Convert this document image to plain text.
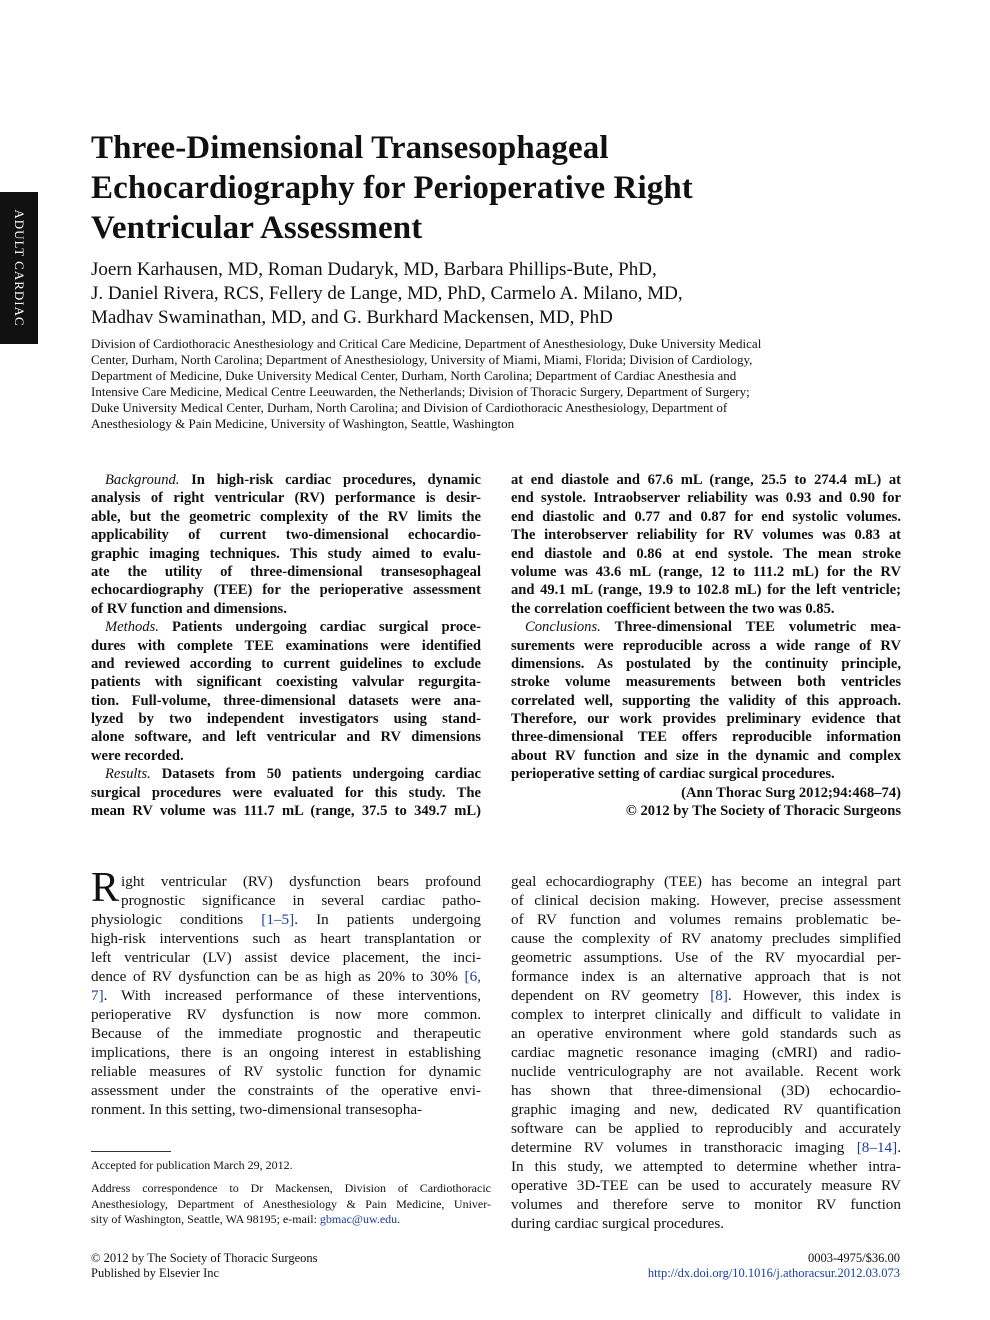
ADULT CARDIAC
Three-Dimensional Transesophageal
Echocardiography for Perioperative Right
Ventricular Assessment
Joern Karhausen, MD, Roman Dudaryk, MD, Barbara Phillips-Bute, PhD,
J. Daniel Rivera, RCS, Fellery de Lange, MD, PhD, Carmelo A. Milano, MD,
Madhav Swaminathan, MD, and G. Burkhard Mackensen, MD, PhD
Division of Cardiothoracic Anesthesiology and Critical Care Medicine, Department of Anesthesiology, Duke University Medical
Center, Durham, North Carolina; Department of Anesthesiology, University of Miami, Miami, Florida; Division of Cardiology,
Department of Medicine, Duke University Medical Center, Durham, North Carolina; Department of Cardiac Anesthesia and
Intensive Care Medicine, Medical Centre Leeuwarden, the Netherlands; Division of Thoracic Surgery, Department of Surgery;
Duke University Medical Center, Durham, North Carolina; and Division of Cardiothoracic Anesthesiology, Department of
Anesthesiology & Pain Medicine, University of Washington, Seattle, Washington
Background. In high-risk cardiac procedures, dynamic
analysis of right ventricular (RV) performance is desir-
able, but the geometric complexity of the RV limits the
applicability of current two-dimensional echocardio-
graphic imaging techniques. This study aimed to evalu-
ate the utility of three-dimensional transesophageal
echocardiography (TEE) for the perioperative assessment
of RV function and dimensions.
Methods. Patients undergoing cardiac surgical proce-
dures with complete TEE examinations were identified
and reviewed according to current guidelines to exclude
patients with significant coexisting valvular regurgita-
tion. Full-volume, three-dimensional datasets were ana-
lyzed by two independent investigators using stand-
alone software, and left ventricular and RV dimensions
were recorded.
Results. Datasets from 50 patients undergoing cardiac
surgical procedures were evaluated for this study. The
mean RV volume was 111.7 mL (range, 37.5 to 349.7 mL)
at end diastole and 67.6 mL (range, 25.5 to 274.4 mL) at
end systole. Intraobserver reliability was 0.93 and 0.90 for
end diastolic and 0.77 and 0.87 for end systolic volumes.
The interobserver reliability for RV volumes was 0.83 at
end diastole and 0.86 at end systole. The mean stroke
volume was 43.6 mL (range, 12 to 111.2 mL) for the RV
and 49.1 mL (range, 19.9 to 102.8 mL) for the left ventricle;
the correlation coefficient between the two was 0.85.
Conclusions. Three-dimensional TEE volumetric mea-
surements were reproducible across a wide range of RV
dimensions. As postulated by the continuity principle,
stroke volume measurements between both ventricles
correlated well, supporting the validity of this approach.
Therefore, our work provides preliminary evidence that
three-dimensional TEE offers reproducible information
about RV function and size in the dynamic and complex
perioperative setting of cardiac surgical procedures.
(Ann Thorac Surg 2012;94:468–74)
© 2012 by The Society of Thoracic Surgeons
R ight ventricular (RV) dysfunction bears profound
prognostic significance in several cardiac patho-
physiologic conditions [1–5]. In patients undergoing
high-risk interventions such as heart transplantation or
left ventricular (LV) assist device placement, the inci-
dence of RV dysfunction can be as high as 20% to 30% [6,
7]. With increased performance of these interventions,
perioperative RV dysfunction is now more common.
Because of the immediate prognostic and therapeutic
implications, there is an ongoing interest in establishing
reliable measures of RV systolic function for dynamic
assessment under the constraints of the operative envi-
ronment. In this setting, two-dimensional transesopha-
geal echocardiography (TEE) has become an integral part
of clinical decision making. However, precise assessment
of RV function and volumes remains problematic be-
cause the complexity of RV anatomy precludes simplified
geometric assumptions. Use of the RV myocardial per-
formance index is an alternative approach that is not
dependent on RV geometry [8]. However, this index is
complex to interpret clinically and difficult to validate in
an operative environment where gold standards such as
cardiac magnetic resonance imaging (cMRI) and radio-
nuclide ventriculography are not available. Recent work
has shown that three-dimensional (3D) echocardio-
graphic imaging and new, dedicated RV quantification
software can be applied to reproducibly and accurately
determine RV volumes in transthoracic imaging [8–14].
In this study, we attempted to determine whether intra-
operative 3D-TEE can be used to accurately measure RV
volumes and therefore serve to monitor RV function
during cardiac surgical procedures.
Accepted for publication March 29, 2012.
Address correspondence to Dr Mackensen, Division of Cardiothoracic
Anesthesiology, Department of Anesthesiology & Pain Medicine, Univer-
sity of Washington, Seattle, WA 98195; e-mail: gbmac@uw.edu.
© 2012 by The Society of Thoracic Surgeons
Published by Elsevier Inc
0003-4975/$36.00
http://dx.doi.org/10.1016/j.athoracsur.2012.03.073
